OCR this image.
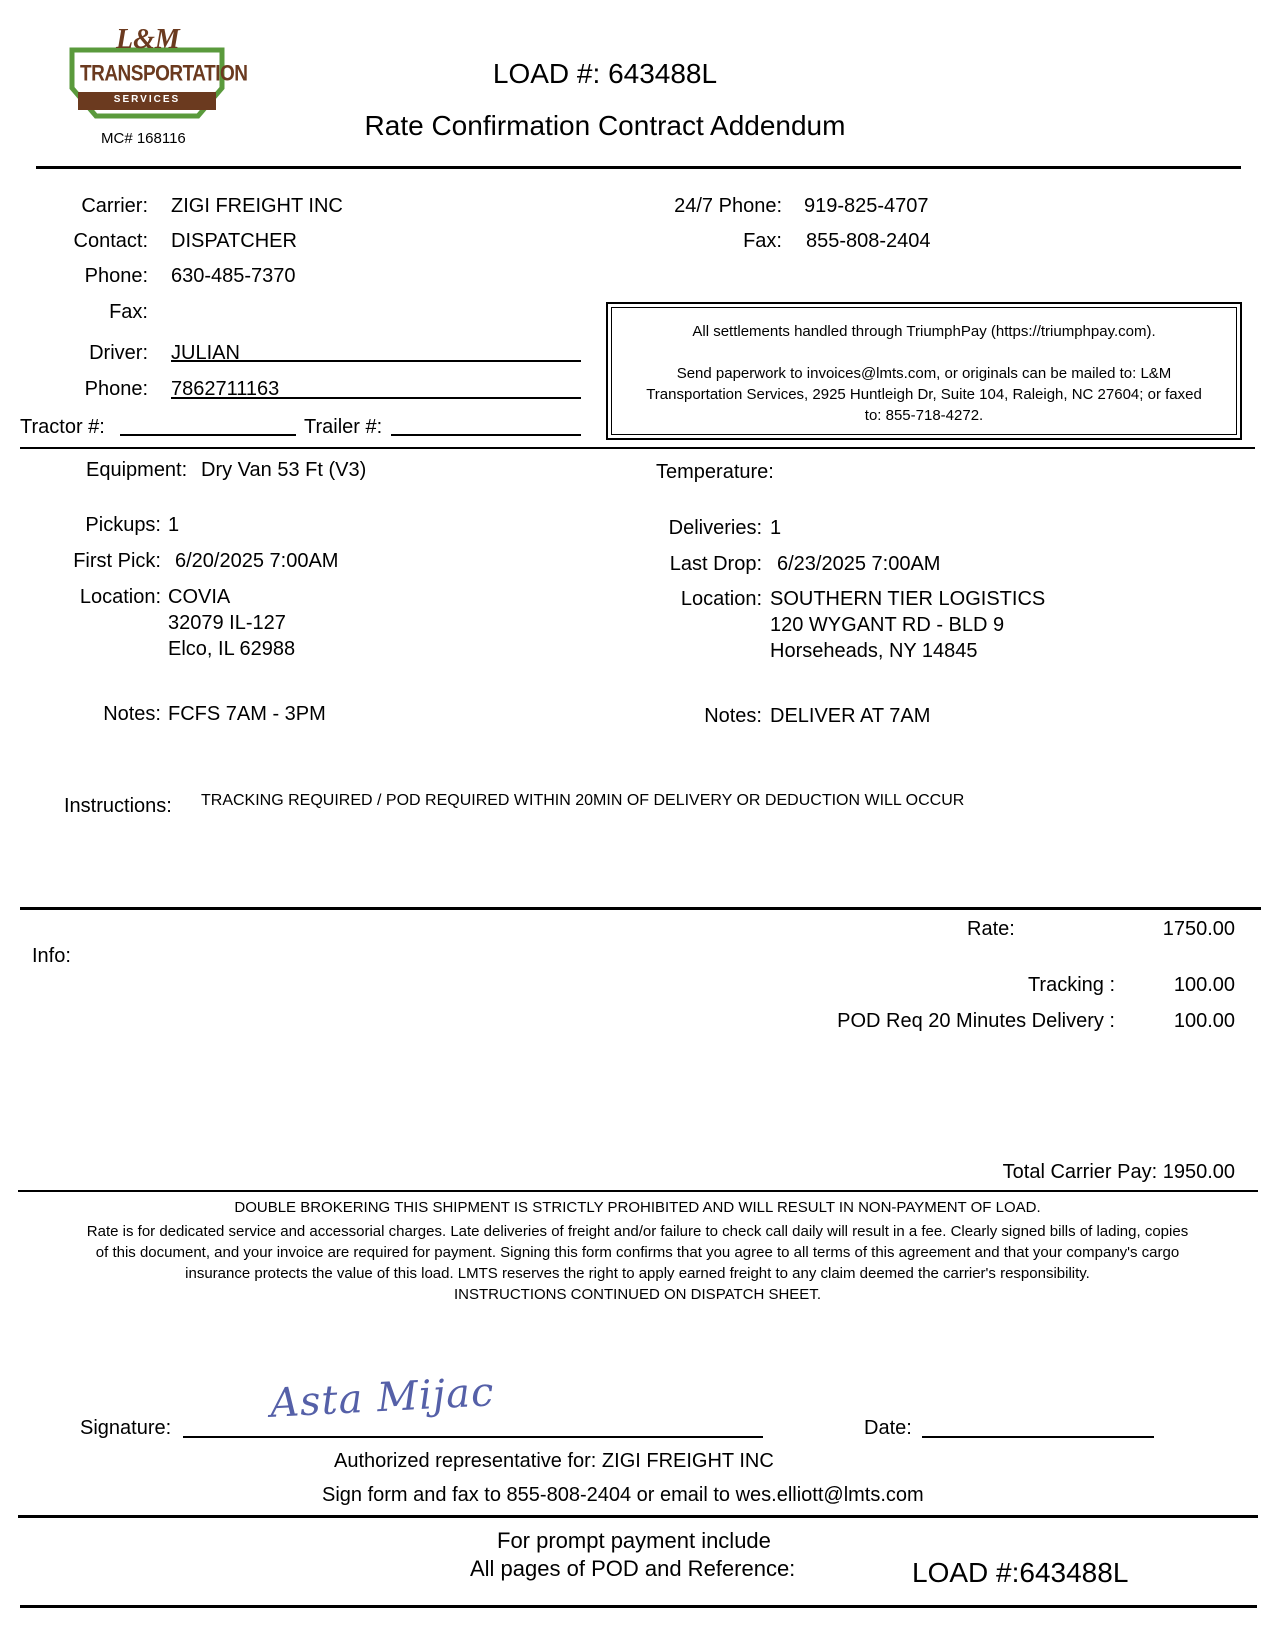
L&M
TRANSPORTATION
SERVICES
MC# 168116
LOAD #: 643488L
Rate Confirmation Contract Addendum
Carrier: ZIGI FREIGHT INC
Contact: DISPATCHER
Phone: 630-485-7370
Fax:
Driver: JULIAN
Phone: 7862711163
Tractor #:	Trailer #:
24/7 Phone: 919-825-4707
Fax: 855-808-2404
All settlements handled through TriumphPay (https://triumphpay.com).
Send paperwork to invoices@lmts.com, or originals can be mailed to: L&M
Transportation Services, 2925 Huntleigh Dr, Suite 104, Raleigh, NC 27604; or faxed
to: 855-718-4272.
Equipment: Dry Van 53 Ft (V3)	Temperature:
Pickups: 1
First Pick: 6/20/2025 7:00AM
Location: COVIA
32079 IL-127
Elco, IL 62988
Notes: FCFS 7AM - 3PM
Deliveries: 1
Last Drop: 6/23/2025 7:00AM
Location: SOUTHERN TIER LOGISTICS
120 WYGANT RD - BLD 9
Horseheads, NY 14845
Notes: DELIVER AT 7AM
Instructions: TRACKING REQUIRED / POD REQUIRED WITHIN 20MIN OF DELIVERY OR DEDUCTION WILL OCCUR
Info:
Rate:	1750.00
Tracking :	100.00
POD Req 20 Minutes Delivery :	100.00
Total Carrier Pay: 1950.00
DOUBLE BROKERING THIS SHIPMENT IS STRICTLY PROHIBITED AND WILL RESULT IN NON-PAYMENT OF LOAD.
Rate is for dedicated service and accessorial charges. Late deliveries of freight and/or failure to check call daily will result in a fee. Clearly signed bills of lading, copies
of this document, and your invoice are required for payment. Signing this form confirms that you agree to all terms of this agreement and that your company's cargo
insurance protects the value of this load. LMTS reserves the right to apply earned freight to any claim deemed the carrier's responsibility.
INSTRUCTIONS CONTINUED ON DISPATCH SHEET.
Signature:
Asta Mijac
Date:
Authorized representative for: ZIGI FREIGHT INC
Sign form and fax to 855-808-2404 or email to wes.elliott@lmts.com
For prompt payment include
All pages of POD and Reference:	LOAD #:643488L
